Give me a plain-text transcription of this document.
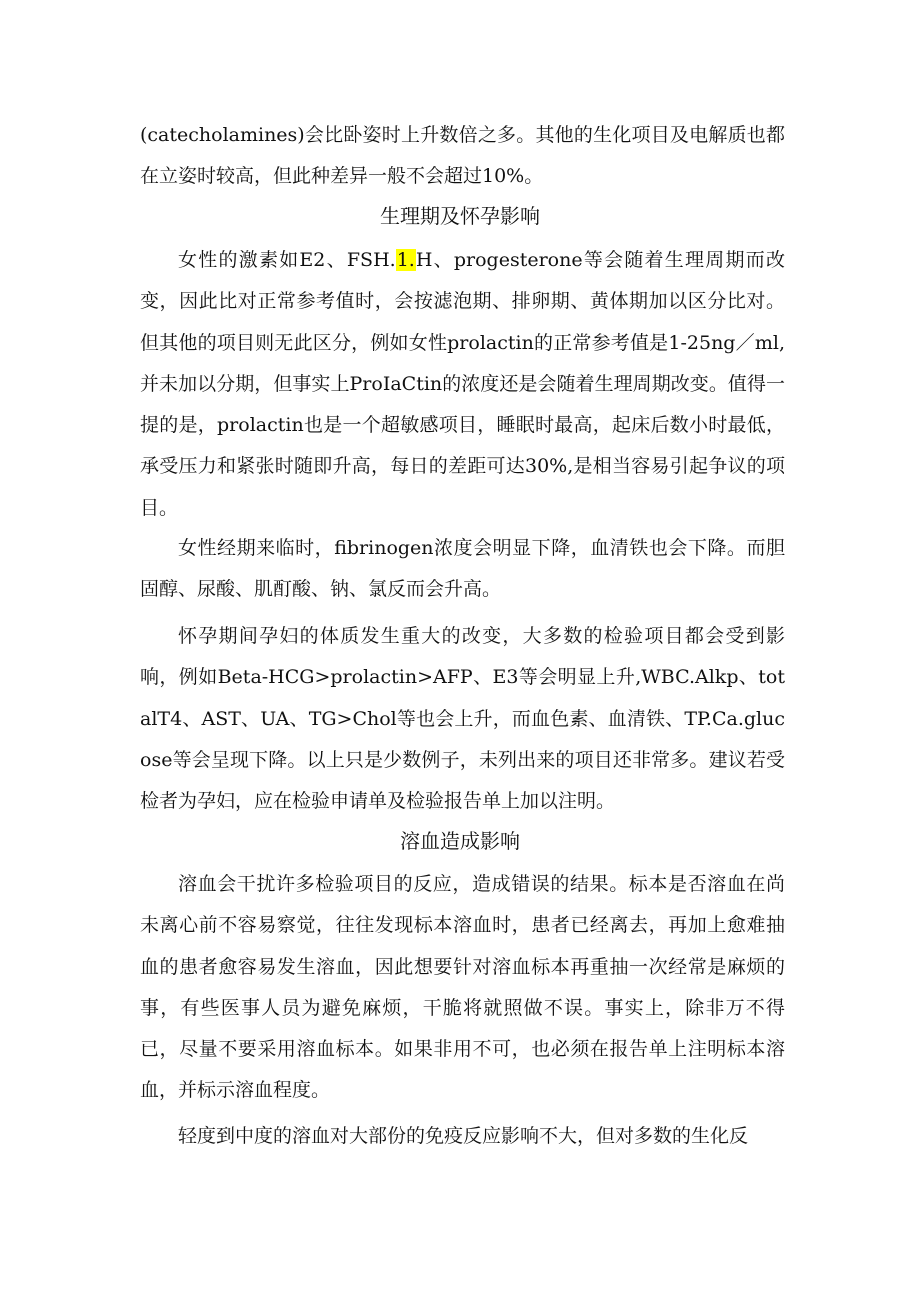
(catecholamines)会比卧姿时上升数倍之多。其他的生化项目及电解质也都在立姿时较高，但此种差异一般不会超过10%。
生理期及怀孕影响
女性的激素如E2、FSH.1.H、progesterone等会随着生理周期而改变，因此比对正常参考值时，会按滤泡期、排卵期、黄体期加以区分比对。但其他的项目则无此区分，例如女性prolactin的正常参考值是1-25ng／ml,并未加以分期，但事实上ProIaCtin的浓度还是会随着生理周期改变。值得一提的是，prolactin也是一个超敏感项目，睡眠时最高，起床后数小时最低，承受压力和紧张时随即升高，每日的差距可达30%,是相当容易引起争议的项目。
女性经期来临时，fibrinogen浓度会明显下降，血清铁也会下降。而胆固醇、尿酸、肌酊酸、钠、氯反而会升高。
怀孕期间孕妇的体质发生重大的改变，大多数的检验项目都会受到影响，例如Beta-HCG>prolactin>AFP、E3等会明显上升,WBC.Alkp、totalT4、AST、UA、TG>Chol等也会上升，而血色素、血清铁、TP.Ca.glucose等会呈现下降。以上只是少数例子，未列出来的项目还非常多。建议若受检者为孕妇，应在检验申请单及检验报告单上加以注明。
溶血造成影响
溶血会干扰许多检验项目的反应，造成错误的结果。标本是否溶血在尚未离心前不容易察觉，往往发现标本溶血时，患者已经离去，再加上愈难抽血的患者愈容易发生溶血，因此想要针对溶血标本再重抽一次经常是麻烦的事，有些医事人员为避免麻烦，干脆将就照做不误。事实上，除非万不得已，尽量不要采用溶血标本。如果非用不可，也必须在报告单上注明标本溶血，并标示溶血程度。
轻度到中度的溶血对大部份的免疫反应影响不大，但对多数的生化反
